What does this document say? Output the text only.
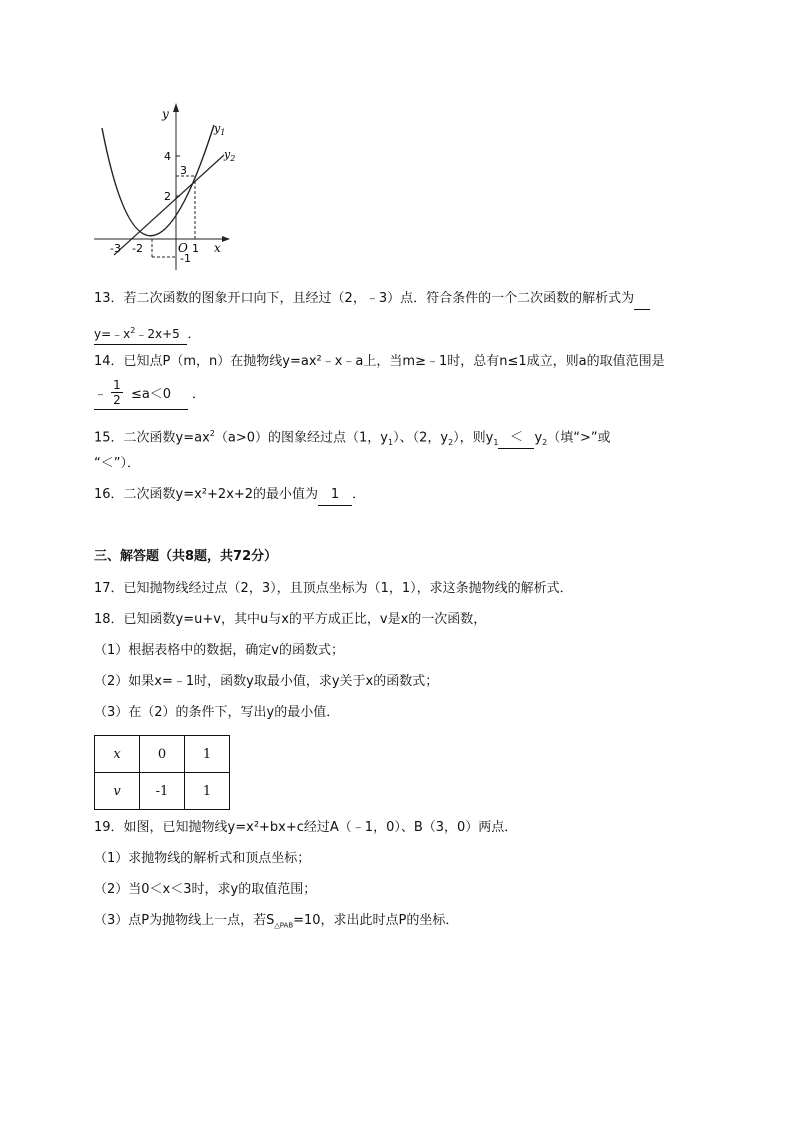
y
x
O
$y_1$
$y_2$
-3 -2	1
4
3
2
-1
13．若二次函数的图象开口向下，且经过（2，﹣3）点．符合条件的一个二次函数的解析式为
$y=﹣x^2﹣2x+5$ ．
14．已知点P（m，n）在抛物线y=ax²﹣x﹣a上，当m≥﹣1时，总有n≤1成立，则a的取值范围是
﹣ $\frac{1}{2} \le a<0$ ．
15．二次函数$y=ax^2(a>0)$的图象经过点（1，$y_1$）、（2，$y_2$），则$y_1 < y_2$（填“>”或
“＜”）．
16．二次函数y=x²+2x+2的最小值为 1 ．
三、解答题（共8题，共72分）
17．已知抛物线经过点（2，3），且顶点坐标为（1，1），求这条抛物线的解析式．
18．已知函数y=u+v，其中u与x的平方成正比，v是x的一次函数，
（1）根据表格中的数据，确定v的函数式；
（2）如果x=﹣1时，函数y取最小值，求y关于x的函数式；
（3）在（2）的条件下，写出y的最小值．
x	0	1
v	-1	1
19．如图，已知抛物线y=x²+bx+c经过A（﹣1，0）、B（3，0）两点．
（1）求抛物线的解析式和顶点坐标；
（2）当0＜x＜3时，求y的取值范围；
（3）点P为抛物线上一点，若$S_{\triangle PAB}=10$，求出此时点P的坐标．
